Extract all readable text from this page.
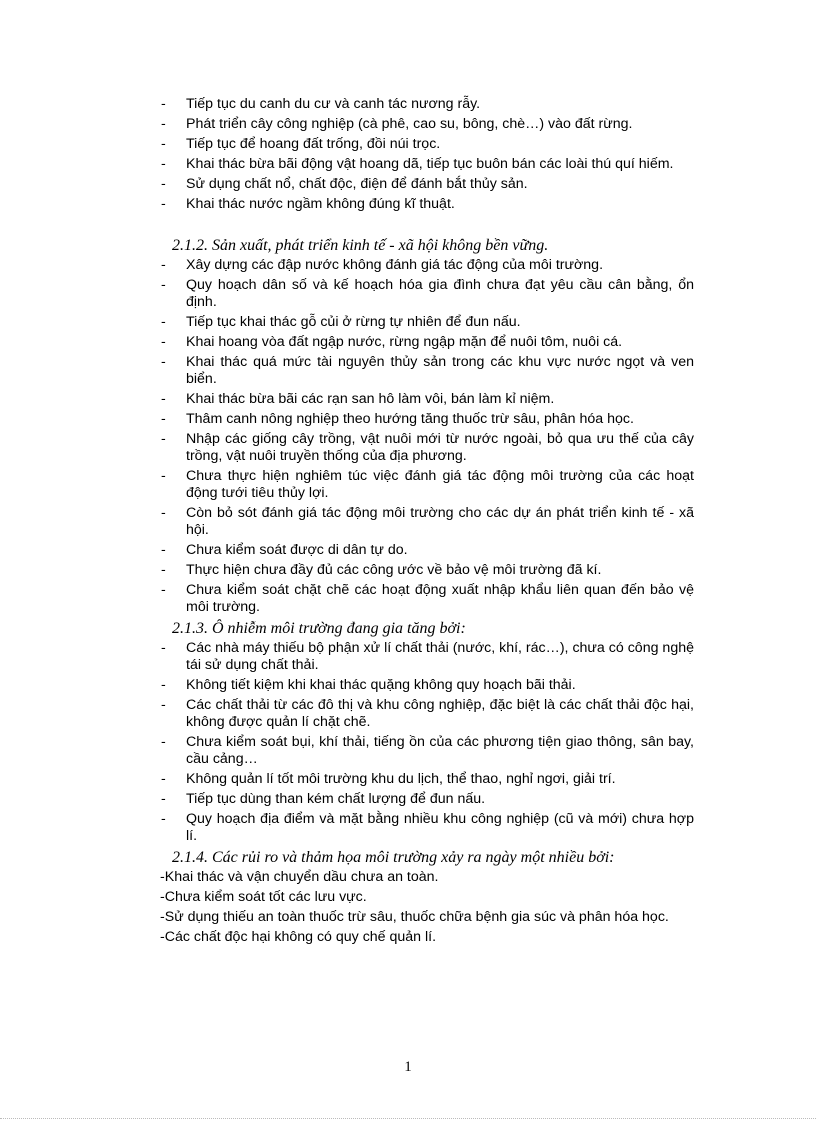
- Tiếp tục du canh du cư và canh tác nương rẫy.
- Phát triển cây công nghiệp (cà phê, cao su, bông, chè…) vào đất rừng.
- Tiếp tục để hoang đất trống, đồi núi trọc.
- Khai thác bừa bãi động vật hoang dã, tiếp tục buôn bán các loài thú quí hiếm.
- Sử dụng chất nổ, chất độc, điện để đánh bắt thủy sản.
- Khai thác nước ngầm không đúng kĩ thuật.
2.1.2. Sản xuất, phát triển kinh tế - xã hội không bền vững.
- Xây dựng các đập nước không đánh giá tác động của môi trường.
- Quy hoạch dân số và kế hoạch hóa gia đình chưa đạt yêu cầu cân bằng, ổn định.
- Tiếp tục khai thác gỗ củi ở rừng tự nhiên để đun nấu.
- Khai hoang vòa đất ngập nước, rừng ngập mặn để nuôi tôm, nuôi cá.
- Khai thác quá mức tài nguyên thủy sản trong các khu vực nước ngọt và ven biển.
- Khai thác bừa bãi các rạn san hô làm vôi, bán làm kỉ niệm.
- Thâm canh nông nghiệp theo hướng tăng thuốc trừ sâu, phân hóa học.
- Nhập các giống cây trồng, vật nuôi mới từ nước ngoài, bỏ qua ưu thế của cây trồng, vật nuôi truyền thống của địa phương.
- Chưa thực hiện nghiêm túc việc đánh giá tác động môi trường của các hoạt động tưới tiêu thủy lợi.
- Còn bỏ sót đánh giá tác động môi trường cho các dự án phát triển kinh tế - xã hội.
- Chưa kiểm soát được di dân tự do.
- Thực hiện chưa đầy đủ các công ước về bảo vệ môi trường đã kí.
- Chưa kiểm soát chặt chẽ các hoạt động xuất nhập khẩu liên quan đến bảo vệ môi trường.
2.1.3. Ô nhiễm môi trường đang gia tăng bởi:
- Các nhà máy thiếu bộ phận xử lí chất thải (nước, khí, rác…), chưa có công nghệ tái sử dụng chất thải.
- Không tiết kiệm khi khai thác quặng không quy hoạch bãi thải.
- Các chất thải từ các đô thị và khu công nghiệp, đặc biệt là các chất thải độc hại, không được quản lí chặt chẽ.
- Chưa kiểm soát bụi, khí thải, tiếng ồn của các phương tiện giao thông, sân bay, cầu cảng…
- Không quản lí tốt môi trường khu du lịch, thể thao, nghỉ ngơi, giải trí.
- Tiếp tục dùng than kém chất lượng để đun nấu.
- Quy hoạch địa điểm và mặt bằng nhiều khu công nghiệp (cũ và mới) chưa hợp lí.
2.1.4. Các rủi ro và thảm họa môi trường xảy ra ngày một nhiều bởi:
-Khai thác và vận chuyển dầu chưa an toàn.
-Chưa kiểm soát tốt các lưu vực.
-Sử dụng thiếu an toàn thuốc trừ sâu, thuốc chữa bệnh gia súc và phân hóa học.
-Các chất độc hại không có quy chế quản lí.
1
